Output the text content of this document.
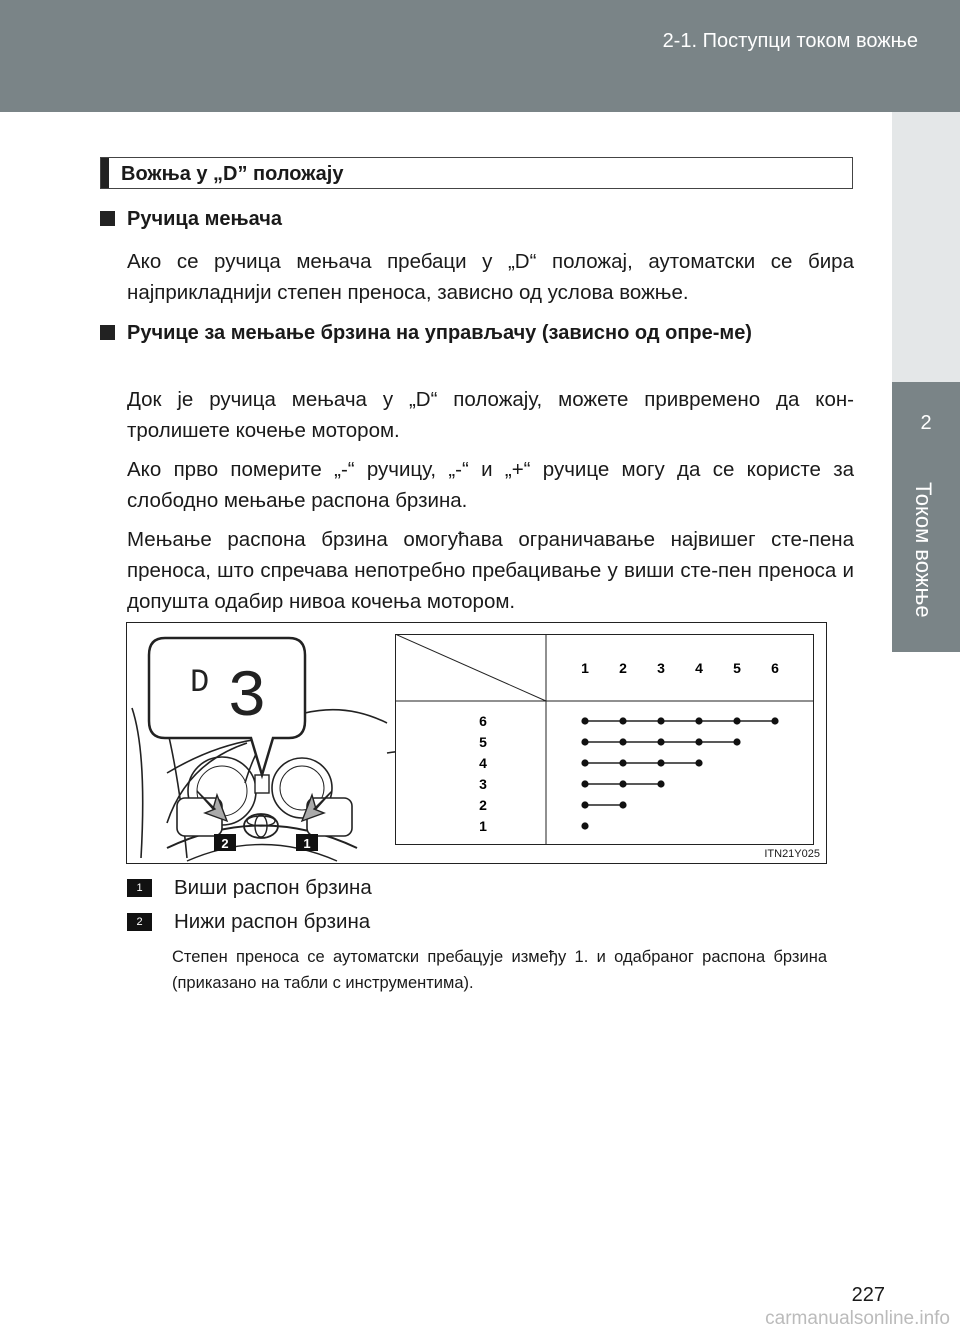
2-1. Поступци током вожње
2
Током вожње
Вожња у „D” положају
Ручица мењача
Ако се ручица мењача пребаци у „D“ положај, аутоматски се бира најприкладнији степен преноса, зависно од услова вожње.
Ручице за мењање брзина на управљачу (зависно од опре-ме)
Док је ручица мењача у „D“ положају, можете привремено да кон-тролишете кочење мотором.
Ако прво померите „-“ ручицу, „-“ и „+“ ручице могу да се користе за слободно мењање распона брзина.
Мењање распона брзина омогућава ограничавање највишег сте-пена преноса, што спречава непотребно пребацивање у виши сте-пен преноса и допушта одабир нивоа кочења мотором.
D 3
2	1
1 2 3 4 5 6
6
5
4
3
2
1
ITN21Y025
1	Виши распон брзина
2	Нижи распон брзина
Степен преноса се аутоматски пребацује између 1. и одабраног распона брзина (приказано на табли с инструментима).
227
carmanualsonline.info
